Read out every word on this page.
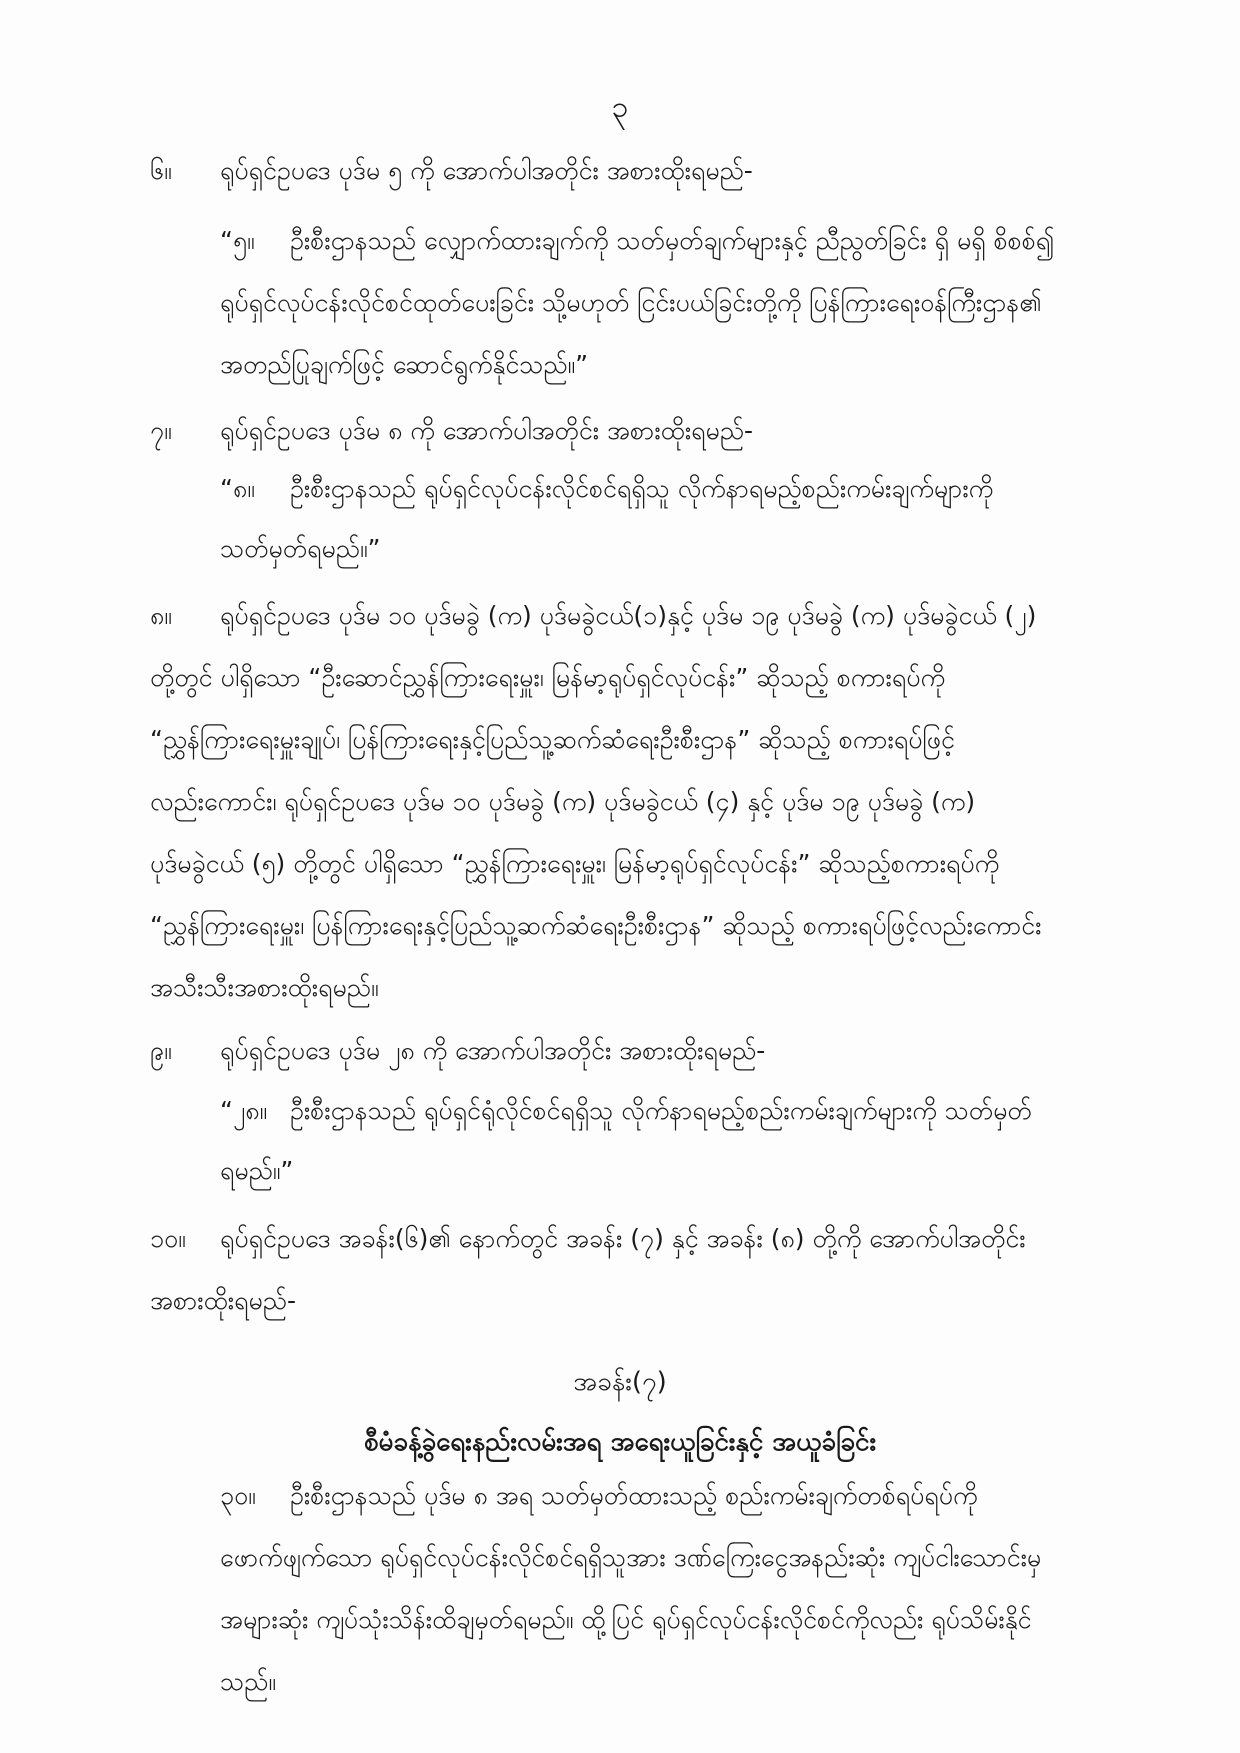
၃
၆။ ရုပ်ရှင်ဥပဒေ ပုဒ်မ ၅ ကို အောက်ပါအတိုင်း အစားထိုးရမည်-
“၅။ ဦးစီးဌာနသည် လျှောက်ထားချက်ကို သတ်မှတ်ချက်များနှင့် ညီညွတ်ခြင်း ရှိ မရှိ စိစစ်၍
ရုပ်ရှင်လုပ်ငန်းလိုင်စင်ထုတ်ပေးခြင်း သို့မဟုတ် ငြင်းပယ်ခြင်းတို့ကို ပြန်ကြားရေးဝန်ကြီးဌာန၏
အတည်ပြုချက်ဖြင့် ဆောင်ရွက်နိုင်သည်။”
၇။ ရုပ်ရှင်ဥပဒေ ပုဒ်မ ၈ ကို အောက်ပါအတိုင်း အစားထိုးရမည်-
“၈။ ဦးစီးဌာနသည် ရုပ်ရှင်လုပ်ငန်းလိုင်စင်ရရှိသူ လိုက်နာရမည့်စည်းကမ်းချက်များကို
သတ်မှတ်ရမည်။”
၈။ ရုပ်ရှင်ဥပဒေ ပုဒ်မ ၁၀ ပုဒ်မခွဲ (က) ပုဒ်မခွဲငယ်(၁)နှင့် ပုဒ်မ ၁၉ ပုဒ်မခွဲ (က) ပုဒ်မခွဲငယ် (၂)
တို့တွင် ပါရှိသော “ဦးဆောင်ညွှန်ကြားရေးမှူး၊ မြန်မာ့ရုပ်ရှင်လုပ်ငန်း” ဆိုသည့် စကားရပ်ကို
“ညွှန်ကြားရေးမှူးချုပ်၊ ပြန်ကြားရေးနှင့်ပြည်သူ့ဆက်ဆံရေးဦးစီးဌာန” ဆိုသည့် စကားရပ်ဖြင့်
လည်းကောင်း၊ ရုပ်ရှင်ဥပဒေ ပုဒ်မ ၁၀ ပုဒ်မခွဲ (က) ပုဒ်မခွဲငယ် (၄) နှင့် ပုဒ်မ ၁၉ ပုဒ်မခွဲ (က)
ပုဒ်မခွဲငယ် (၅) တို့တွင် ပါရှိသော “ညွှန်ကြားရေးမှူး၊ မြန်မာ့ရုပ်ရှင်လုပ်ငန်း” ဆိုသည့်စကားရပ်ကို
“ညွှန်ကြားရေးမှူး၊ ပြန်ကြားရေးနှင့်ပြည်သူ့ဆက်ဆံရေးဦးစီးဌာန” ဆိုသည့် စကားရပ်ဖြင့်လည်းကောင်း
အသီးသီးအစားထိုးရမည်။
၉။ ရုပ်ရှင်ဥပဒေ ပုဒ်မ ၂၈ ကို အောက်ပါအတိုင်း အစားထိုးရမည်-
“၂၈။ ဦးစီးဌာနသည် ရုပ်ရှင်ရုံလိုင်စင်ရရှိသူ လိုက်နာရမည့်စည်းကမ်းချက်များကို သတ်မှတ်
ရမည်။”
၁၀။ ရုပ်ရှင်ဥပဒေ အခန်း(၆)၏ နောက်တွင် အခန်း (၇) နှင့် အခန်း (၈) တို့ကို အောက်ပါအတိုင်း
အစားထိုးရမည်-
အခန်း(၇)
စီမံခန့်ခွဲရေးနည်းလမ်းအရ အရေးယူခြင်းနှင့် အယူခံခြင်း
၃၀။ ဦးစီးဌာနသည် ပုဒ်မ ၈ အရ သတ်မှတ်ထားသည့် စည်းကမ်းချက်တစ်ရပ်ရပ်ကို
ဖောက်ဖျက်သော ရုပ်ရှင်လုပ်ငန်းလိုင်စင်ရရှိသူအား ဒဏ်ကြေးငွေအနည်းဆုံး ကျပ်ငါးသောင်းမှ
အများဆုံး ကျပ်သုံးသိန်းထိချမှတ်ရမည်။ ထို့ပြင် ရုပ်ရှင်လုပ်ငန်းလိုင်စင်ကိုလည်း ရုပ်သိမ်းနိုင်
သည်။
